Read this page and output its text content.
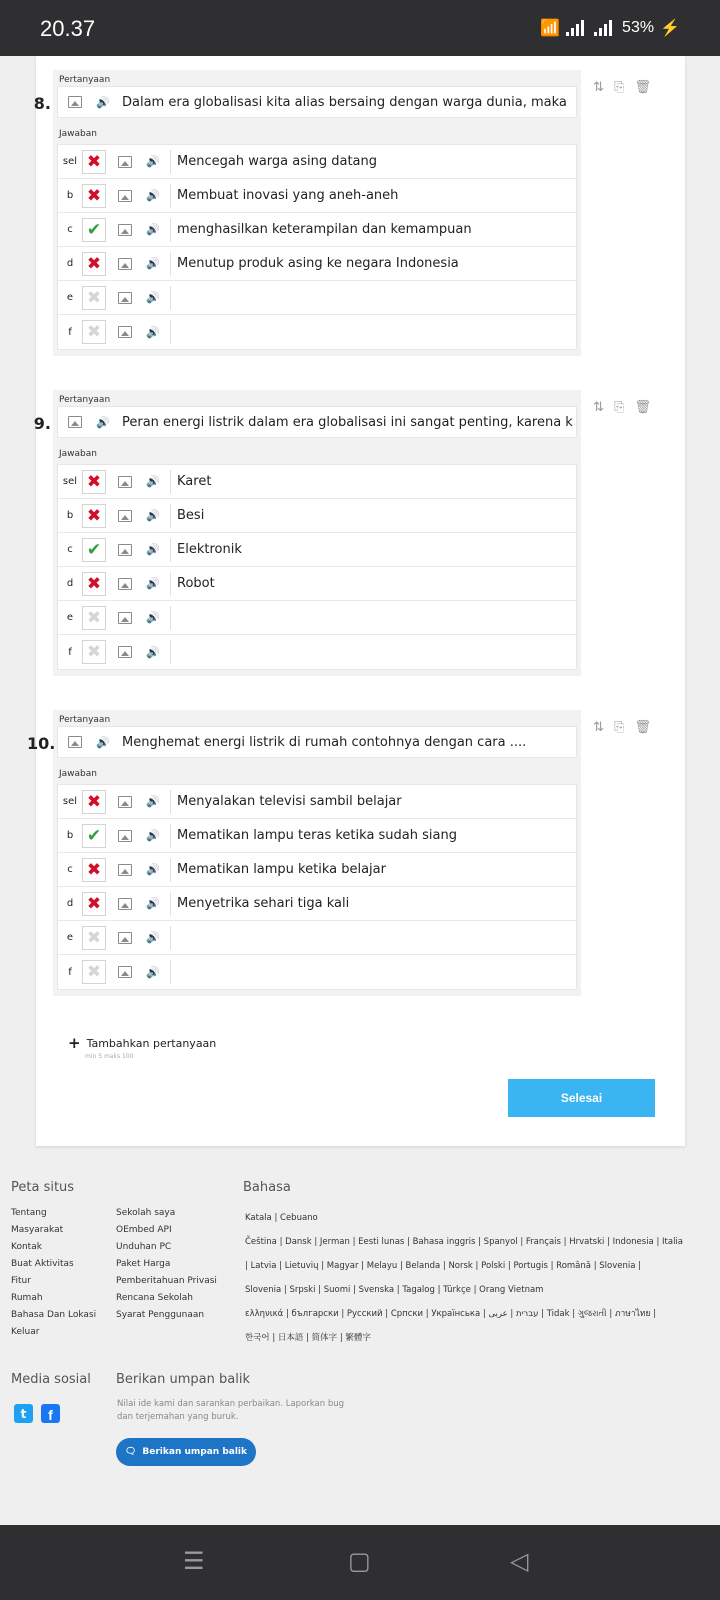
20.37	📶	53% ⚡
8.
Pertanyaan
🔊 Dalam era globalisasi kita alias bersaing dengan warga dunia, maka
Jawaban
sel ✖	🔊 Mencegah warga asing datang
b ✖	🔊 Membuat inovasi yang aneh-aneh
c ✔	🔊 menghasilkan keterampilan dan kemampuan
d ✖	🔊 Menutup produk asing ke negara Indonesia
e ✖	🔊
f ✖	🔊
⇅ ⎘ 🗑
9.
Pertanyaan
🔊 Peran energi listrik dalam era globalisasi ini sangat penting, karena k
Jawaban
sel ✖	🔊 Karet
b ✖	🔊 Besi
c ✔	🔊 Elektronik
d ✖	🔊 Robot
e ✖	🔊
f ✖	🔊
⇅ ⎘ 🗑
10.
Pertanyaan
🔊 Menghemat energi listrik di rumah contohnya dengan cara ....
Jawaban
sel ✖	🔊 Menyalakan televisi sambil belajar
b ✔	🔊 Mematikan lampu teras ketika sudah siang
c ✖	🔊 Mematikan lampu ketika belajar
d ✖	🔊 Menyetrika sehari tiga kali
e ✖	🔊
f ✖	🔊
⇅ ⎘ 🗑
+ Tambahkan pertanyaan
min 5 maks 100
Selesai
Peta situs
Tentang
Masyarakat
Kontak
Buat Aktivitas
Fitur
Rumah
Bahasa Dan Lokasi
Keluar
Sekolah saya
OEmbed API
Unduhan PC
Paket Harga
Pemberitahuan Privasi
Rencana Sekolah
Syarat Penggunaan
Bahasa
Katala | Cebuano
Čeština | Dansk | Jerman | Eesti lunas | Bahasa inggris | Spanyol | Français | Hrvatski | Indonesia | Italia
| Latvia | Lietuvių | Magyar | Melayu | Belanda | Norsk | Polski | Portugis | Română | Slovenia |
Slovenia | Srpski | Suomi | Svenska | Tagalog | Türkçe | Orang Vietnam
ελληνικά | български | Русский | Српски | Українська | עברית | عربى | Tidak | ગુજરાતી | ภาษาไทย |
한국어 | 日本語 | 简体字 | 繁體字
Media sosial
t	f
Berikan umpan balik
Nilai ide kami dan sarankan perbaikan. Laporkan bug dan terjemahan yang buruk.
🗨 Berikan umpan balik
☰	▢	◁
